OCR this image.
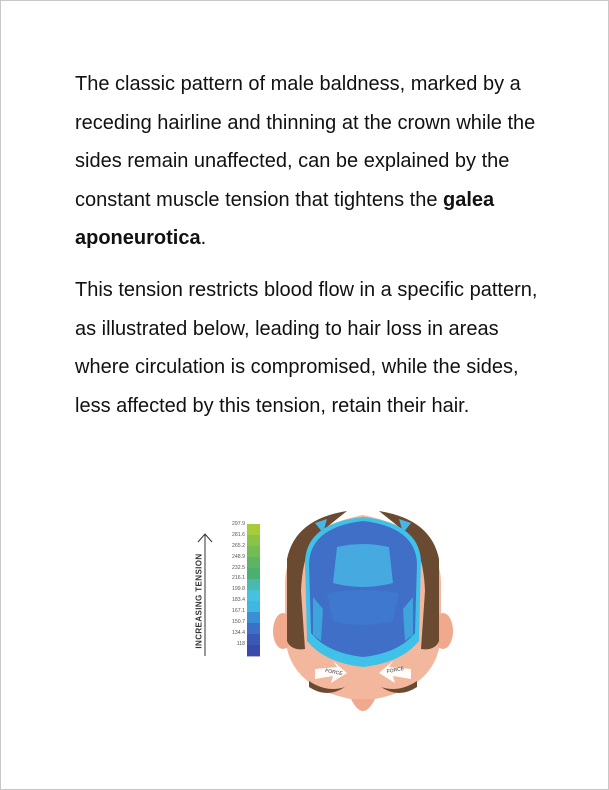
The classic pattern of male baldness, marked by a receding hairline and thinning at the crown while the sides remain unaffected, can be explained by the constant muscle tension that tightens the galea aponeurotica.

This tension restricts blood flow in a specific pattern, as illustrated below, leading to hair loss in areas where circulation is compromised, while the sides, less affected by this tension, retain their hair.

FORCE	FORCE
INCREASING TENSION
297.9
281.6
265.2
248.9
232.5
216.1
199.8
183.4
167.1
150.7
134.4
118
